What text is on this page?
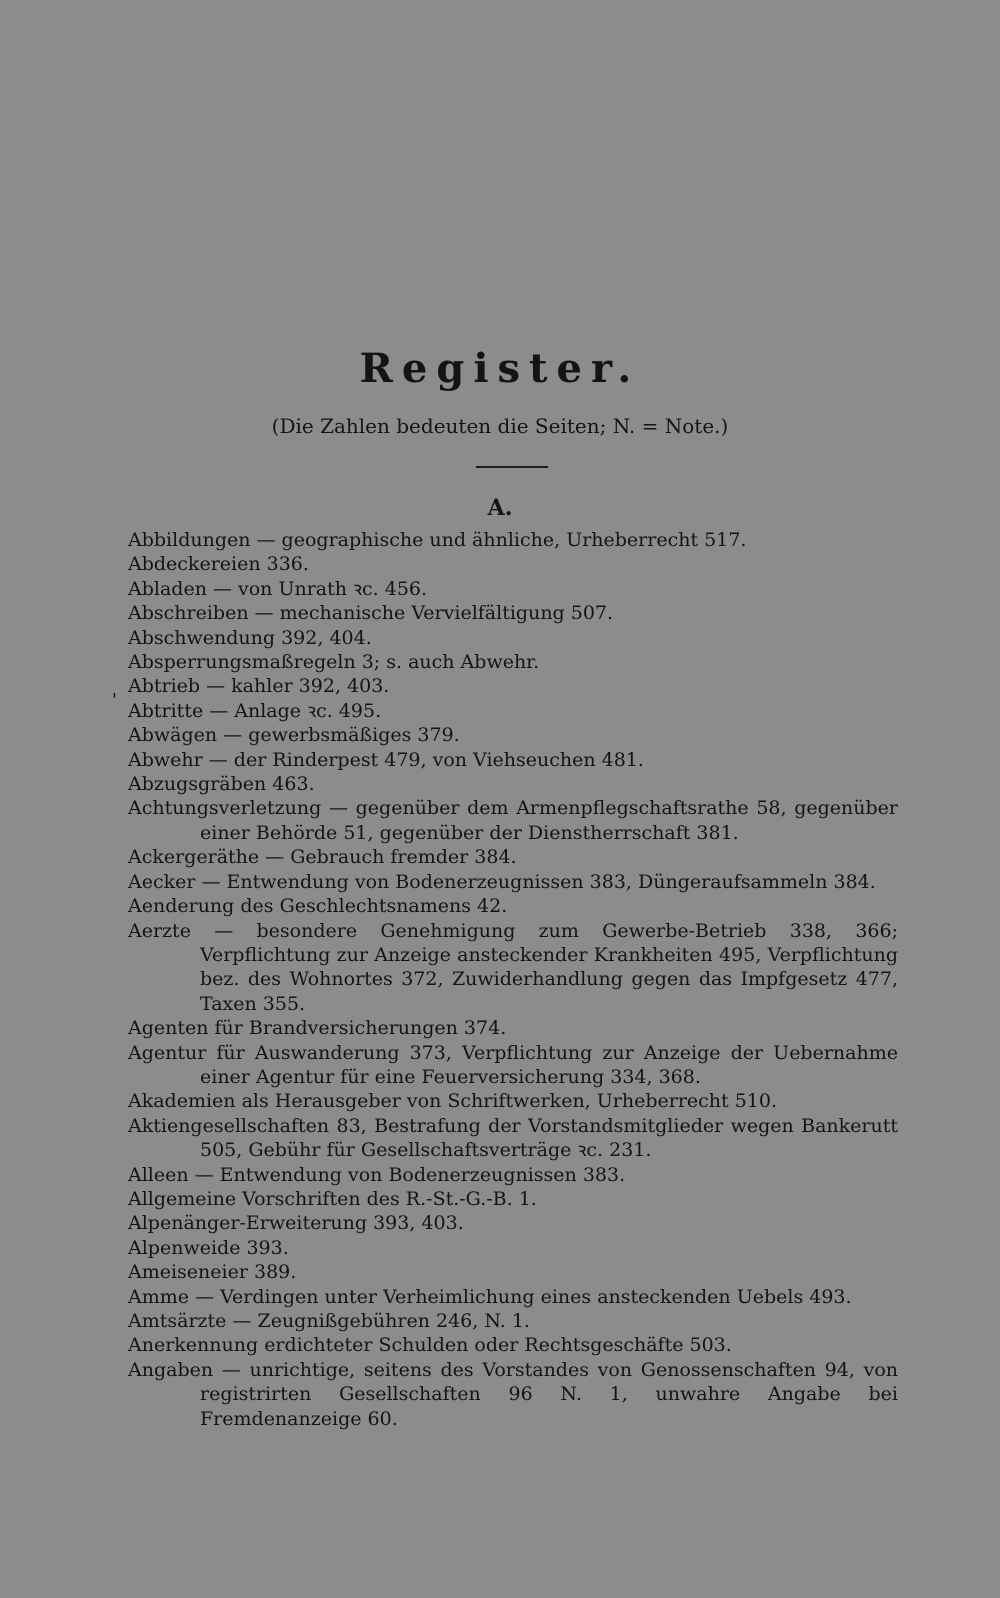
Register.
(Die Zahlen bedeuten die Seiten; N. = Note.)
A.
'
Abbildungen — geographische und ähnliche, Urheberrecht 517.
Abdeckereien 336.
Abladen — von Unrath ꝛc. 456.
Abschreiben — mechanische Vervielfältigung 507.
Abschwendung 392, 404.
Absperrungsmaßregeln 3; s. auch Abwehr.
Abtrieb — kahler 392, 403.
Abtritte — Anlage ꝛc. 495.
Abwägen — gewerbsmäßiges 379.
Abwehr — der Rinderpest 479, von Viehseuchen 481.
Abzugsgräben 463.
Achtungsverletzung — gegenüber dem Armenpflegschaftsrathe 58, gegenüber einer Behörde 51, gegenüber der Dienstherrschaft 381.
Ackergeräthe — Gebrauch fremder 384.
Aecker — Entwendung von Bodenerzeugnissen 383, Düngeraufsammeln 384.
Aenderung des Geschlechtsnamens 42.
Aerzte — besondere Genehmigung zum Gewerbe-Betrieb 338, 366; Verpflichtung zur Anzeige ansteckender Krankheiten 495, Verpflichtung bez. des Wohnortes 372, Zuwiderhandlung gegen das Impfgesetz 477, Taxen 355.
Agenten für Brandversicherungen 374.
Agentur für Auswanderung 373, Verpflichtung zur Anzeige der Uebernahme einer Agentur für eine Feuerversicherung 334, 368.
Akademien als Herausgeber von Schriftwerken, Urheberrecht 510.
Aktiengesellschaften 83, Bestrafung der Vorstandsmitglieder wegen Bankerutt 505, Gebühr für Gesellschaftsverträge ꝛc. 231.
Alleen — Entwendung von Bodenerzeugnissen 383.
Allgemeine Vorschriften des R.-St.-G.-B. 1.
Alpenänger-Erweiterung 393, 403.
Alpenweide 393.
Ameiseneier 389.
Amme — Verdingen unter Verheimlichung eines ansteckenden Uebels 493.
Amtsärzte — Zeugnißgebühren 246, N. 1.
Anerkennung erdichteter Schulden oder Rechtsgeschäfte 503.
Angaben — unrichtige, seitens des Vorstandes von Genossenschaften 94, von registrirten Gesellschaften 96 N. 1, unwahre Angabe bei Fremdenanzeige 60.
